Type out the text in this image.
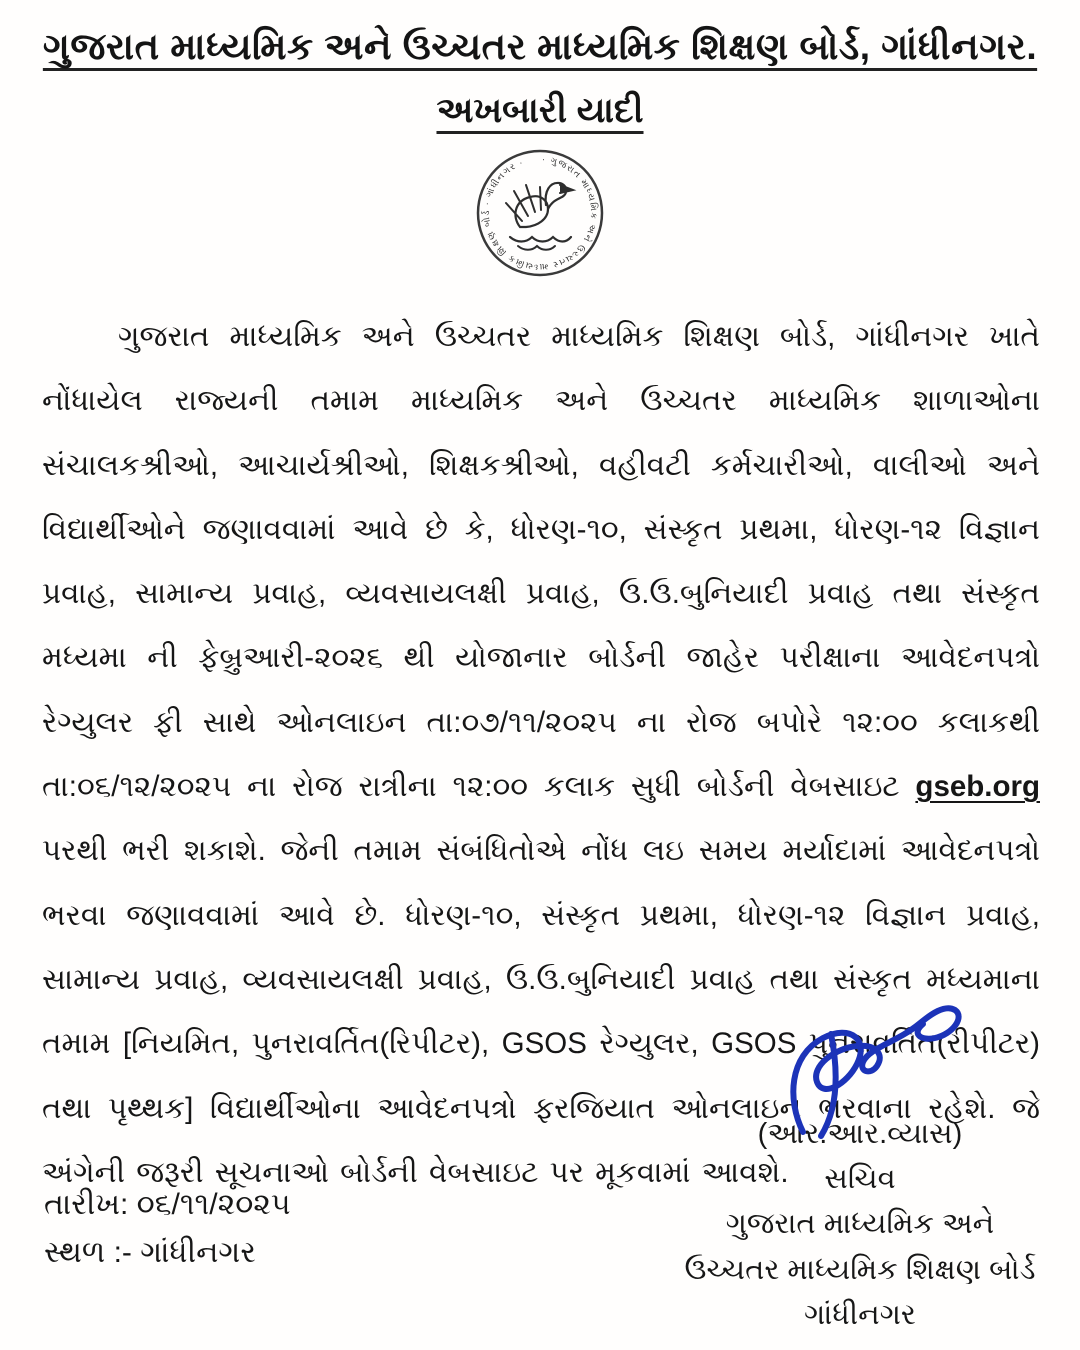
ગુજરાત માધ્યમિક અને ઉચ્ચતર માધ્યમિક શિક્ષણ બોર્ડ, ગાંધીનગર.
અખબારી યાદી
· ગુજરાત માધ્યમિક અને ઉચ્ચતર માધ્યમિક શિક્ષણ બોર્ડ · ગાંધીનગર ·

ગુજરાત માધ્યમિક અને ઉચ્ચતર માધ્યમિક શિક્ષણ બોર્ડ, ગાંધીનગર ખાતે નોંધાયેલ રાજ્યની તમામ માધ્યમિક અને ઉચ્ચતર માધ્યમિક શાળાઓના સંચાલકશ્રીઓ, આચાર્યશ્રીઓ, શિક્ષકશ્રીઓ, વહીવટી કર્મચારીઓ, વાલીઓ અને વિદ્યાર્થીઓને જણાવવામાં આવે છે કે, ધોરણ-૧૦, સંસ્કૃત પ્રથમા, ધોરણ-૧૨ વિજ્ઞાન પ્રવાહ, સામાન્ય પ્રવાહ, વ્યવસાયલક્ષી પ્રવાહ, ઉ.ઉ.બુનિયાદી પ્રવાહ તથા સંસ્કૃત મધ્યમા ની ફેબ્રુઆરી-૨૦૨૬ થી યોજાનાર બોર્ડની જાહેર પરીક્ષાના આવેદનપત્રો રેગ્યુલર ફી સાથે ઓનલાઇન તા:૦૭/૧૧/૨૦૨૫ ના રોજ બપોરે ૧૨:૦૦ કલાકથી તા:૦૬/૧૨/૨૦૨૫ ના રોજ રાત્રીના ૧૨:૦૦ કલાક સુધી બોર્ડની વેબસાઇટ gseb.org પરથી ભરી શકાશે. જેની તમામ સંબંધિતોએ નોંધ લઇ સમય મર્યાદામાં આવેદનપત્રો ભરવા જણાવવામાં આવે છે. ધોરણ-૧૦, સંસ્કૃત પ્રથમા, ધોરણ-૧૨ વિજ્ઞાન પ્રવાહ, સામાન્ય પ્રવાહ, વ્યવસાયલક્ષી પ્રવાહ, ઉ.ઉ.બુનિયાદી પ્રવાહ તથા સંસ્કૃત મધ્યમાના તમામ [નિયમિત, પુનરાવર્તિત(રિપીટર), GSOS રેગ્યુલર, GSOS પુનરાવર્તિત(રીપીટર) તથા પૃથ્થક] વિદ્યાર્થીઓના આવેદનપત્રો ફરજિયાત ઓનલાઇન ભરવાના રહેશે. જે અંગેની જરૂરી સૂચનાઓ બોર્ડની વેબસાઇટ પર મૂકવામાં આવશે.

તારીખ: ૦૬/૧૧/૨૦૨૫
સ્થળ :- ગાંધીનગર
(આર.આર.વ્યાસ)
સચિવ
ગુજરાત માધ્યમિક અને
ઉચ્ચતર માધ્યમિક શિક્ષણ બોર્ડ
ગાંધીનગર
